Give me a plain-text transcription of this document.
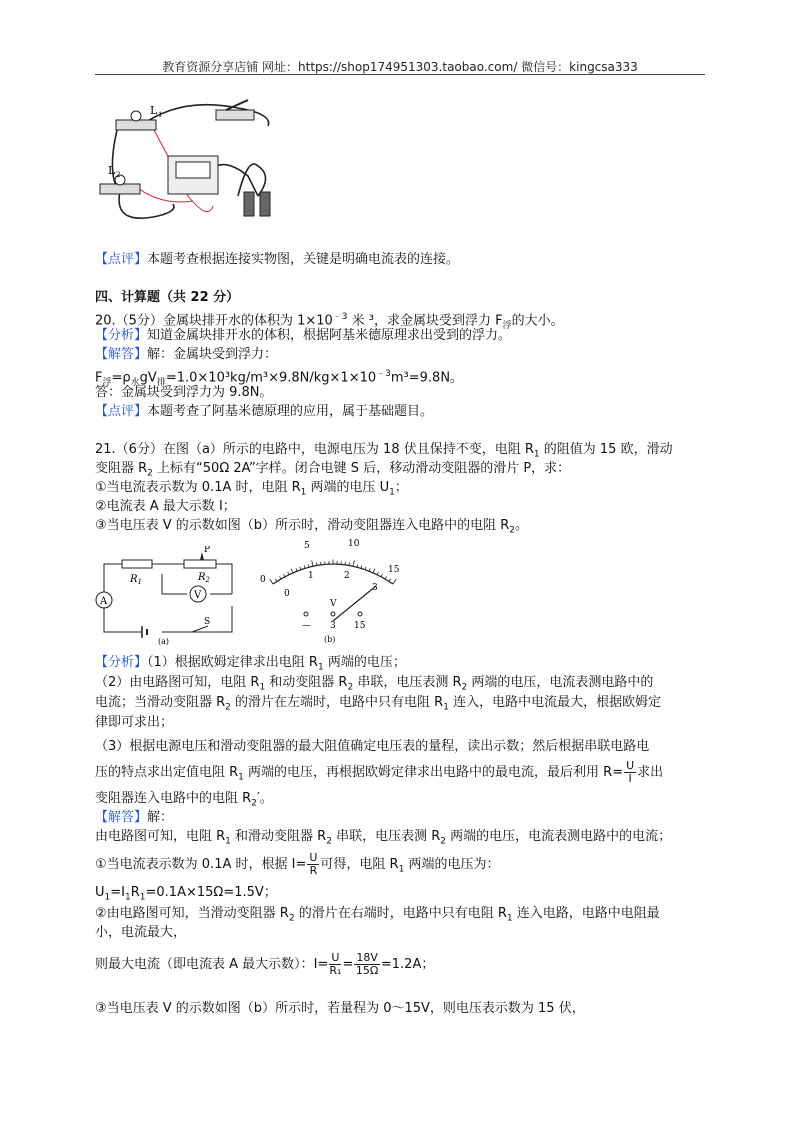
教育资源分享店铺 网址：https://shop174951303.taobao.com/ 微信号：kingcsa333
L 1
L 2
【点评】本题考查根据连接实物图，关键是明确电流表的连接。
四、计算题（共 22 分）
20.（5分）金属块排开水的体积为 $1\times 10^{﹣3}$ 米 ³，求金属块受到浮力 $F_浮$的大小。
【分析】知道金属块排开水的体积，根据阿基米德原理求出受到的浮力。
【解答】解：金属块受到浮力：
$F_浮=\rho_水gV_排=1.0\times 10^3kg/m^3\times 9.8N/kg\times 1\times 10^{﹣3}m^3=9.8N$。
答：金属块受到浮力为 9.8N。
【点评】本题考查了阿基米德原理的应用，属于基础题目。
21.（6分）在图（a）所示的电路中，电源电压为 18 伏且保持不变，电阻 $R_1$ 的阻值为 15 欧，滑动
变阻器 $R_2$ 上标有“50Ω 2A”字样。闭合电键 S 后，移动滑动变阻器的滑片 P，求：
①当电流表示数为 0.1A 时，电阻 $R_1$ 两端的电压 $U_1$；
②电流表 A 最大示数 I；
③当电压表 V 的示数如图（b）所示时，滑动变阻器连入电路中的电阻 $R_2$。
$R_1$
P
$R_2$
A
V
S
(a)
5	10
0	1	2
3
15
0
V
— 3 15
(b)
【分析】（1）根据欧姆定律求出电阻 $R_1$ 两端的电压；
（2）由电路图可知，电阻 $R_1$ 和动变阻器 $R_2$ 串联，电压表测 $R_2$ 两端的电压，电流表测电路中的
电流；当滑动变阻器 $R_2$ 的滑片在左端时，电路中只有电阻 $R_1$ 连入，电路中电流最大，根据欧姆定
律即可求出；
（3）根据电源电压和滑动变阻器的最大阻值确定电压表的量程，读出示数；然后根据串联电路电
压的特点求出定值电阻 $R_1$ 两端的电压，再根据欧姆定律求出电路中的最电流，最后利用 $R= \frac{U}{I}$ 求出
变阻器连入电路中的电阻 $R_2'$。
【解答】解：
由电路图可知，电阻 $R_1$ 和滑动变阻器 $R_2$ 串联，电压表测 $R_2$ 两端的电压，电流表测电路中的电流；
①当电流表示数为 0.1A 时，根据 $I= \frac{U}{R}$ 可得，电阻 $R_1$ 两端的电压为：
$U_1=I_1R_1=0.1A\times 15\Omega=1.5V$；
②由电路图可知，当滑动变阻器 $R_2$ 的滑片在右端时，电路中只有电阻 $R_1$ 连入电路，电路中电阻最
小，电流最大，
则最大电流（即电流表 A 最大示数）：$I= \frac{U}{\text{R₁}} = \frac{18V}{15\Omega} =1.2A$；
③当电压表 V 的示数如图（b）所示时，若量程为 0～15V，则电压表示数为 15 伏，
